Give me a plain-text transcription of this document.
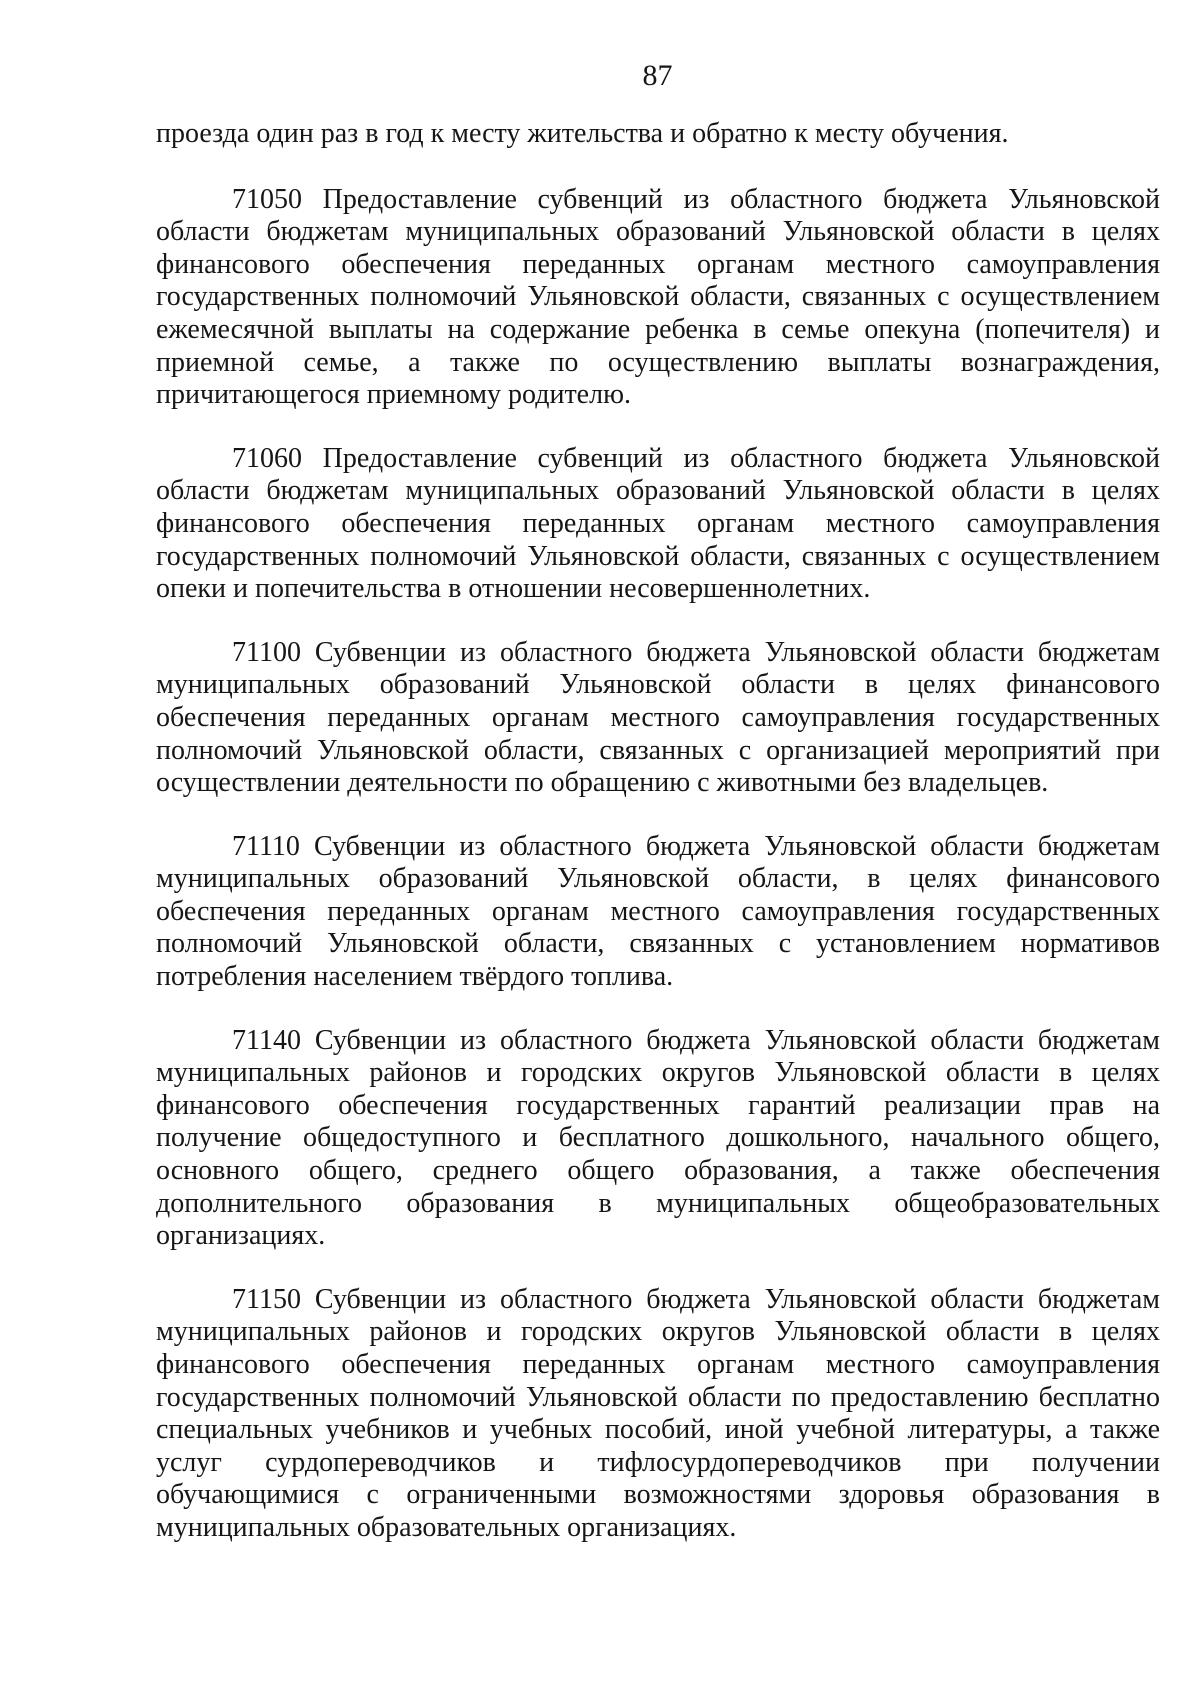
87

проезда один раз в год к месту жительства и обратно к месту обучения.

71050 Предоставление субвенций из областного бюджета Ульяновской области бюджетам муниципальных образований Ульяновской области в целях финансового обеспечения переданных органам местного самоуправления государственных полномочий Ульяновской области, связанных с осуществлением ежемесячной выплаты на содержание ребенка в семье опекуна (попечителя) и приемной семье, а также по осуществлению выплаты вознаграждения, причитающегося приемному родителю.

71060 Предоставление субвенций из областного бюджета Ульяновской области бюджетам муниципальных образований Ульяновской области в целях финансового обеспечения переданных органам местного самоуправления государственных полномочий Ульяновской области, связанных с осуществлением опеки и попечительства в отношении несовершеннолетних.

71100 Субвенции из областного бюджета Ульяновской области бюджетам муниципальных образований Ульяновской области в целях финансового обеспечения переданных органам местного самоуправления государственных полномочий Ульяновской области, связанных с организацией мероприятий при осуществлении деятельности по обращению с животными без владельцев.

71110 Субвенции из областного бюджета Ульяновской области бюджетам муниципальных образований Ульяновской области, в целях финансового обеспечения переданных органам местного самоуправления государственных полномочий Ульяновской области, связанных с установлением нормативов потребления населением твёрдого топлива.

71140 Субвенции из областного бюджета Ульяновской области бюджетам муниципальных районов и городских округов Ульяновской области в целях финансового обеспечения государственных гарантий реализации прав на получение общедоступного и бесплатного дошкольного, начального общего, основного общего, среднего общего образования, а также обеспечения дополнительного образования в муниципальных общеобразовательных организациях.

71150 Субвенции из областного бюджета Ульяновской области бюджетам муниципальных районов и городских округов Ульяновской области в целях финансового обеспечения переданных органам местного самоуправления государственных полномочий Ульяновской области по предоставлению бесплатно специальных учебников и учебных пособий, иной учебной литературы, а также услуг сурдопереводчиков и тифлосурдопереводчиков при получении обучающимися с ограниченными возможностями здоровья образования в муниципальных образовательных организациях.
